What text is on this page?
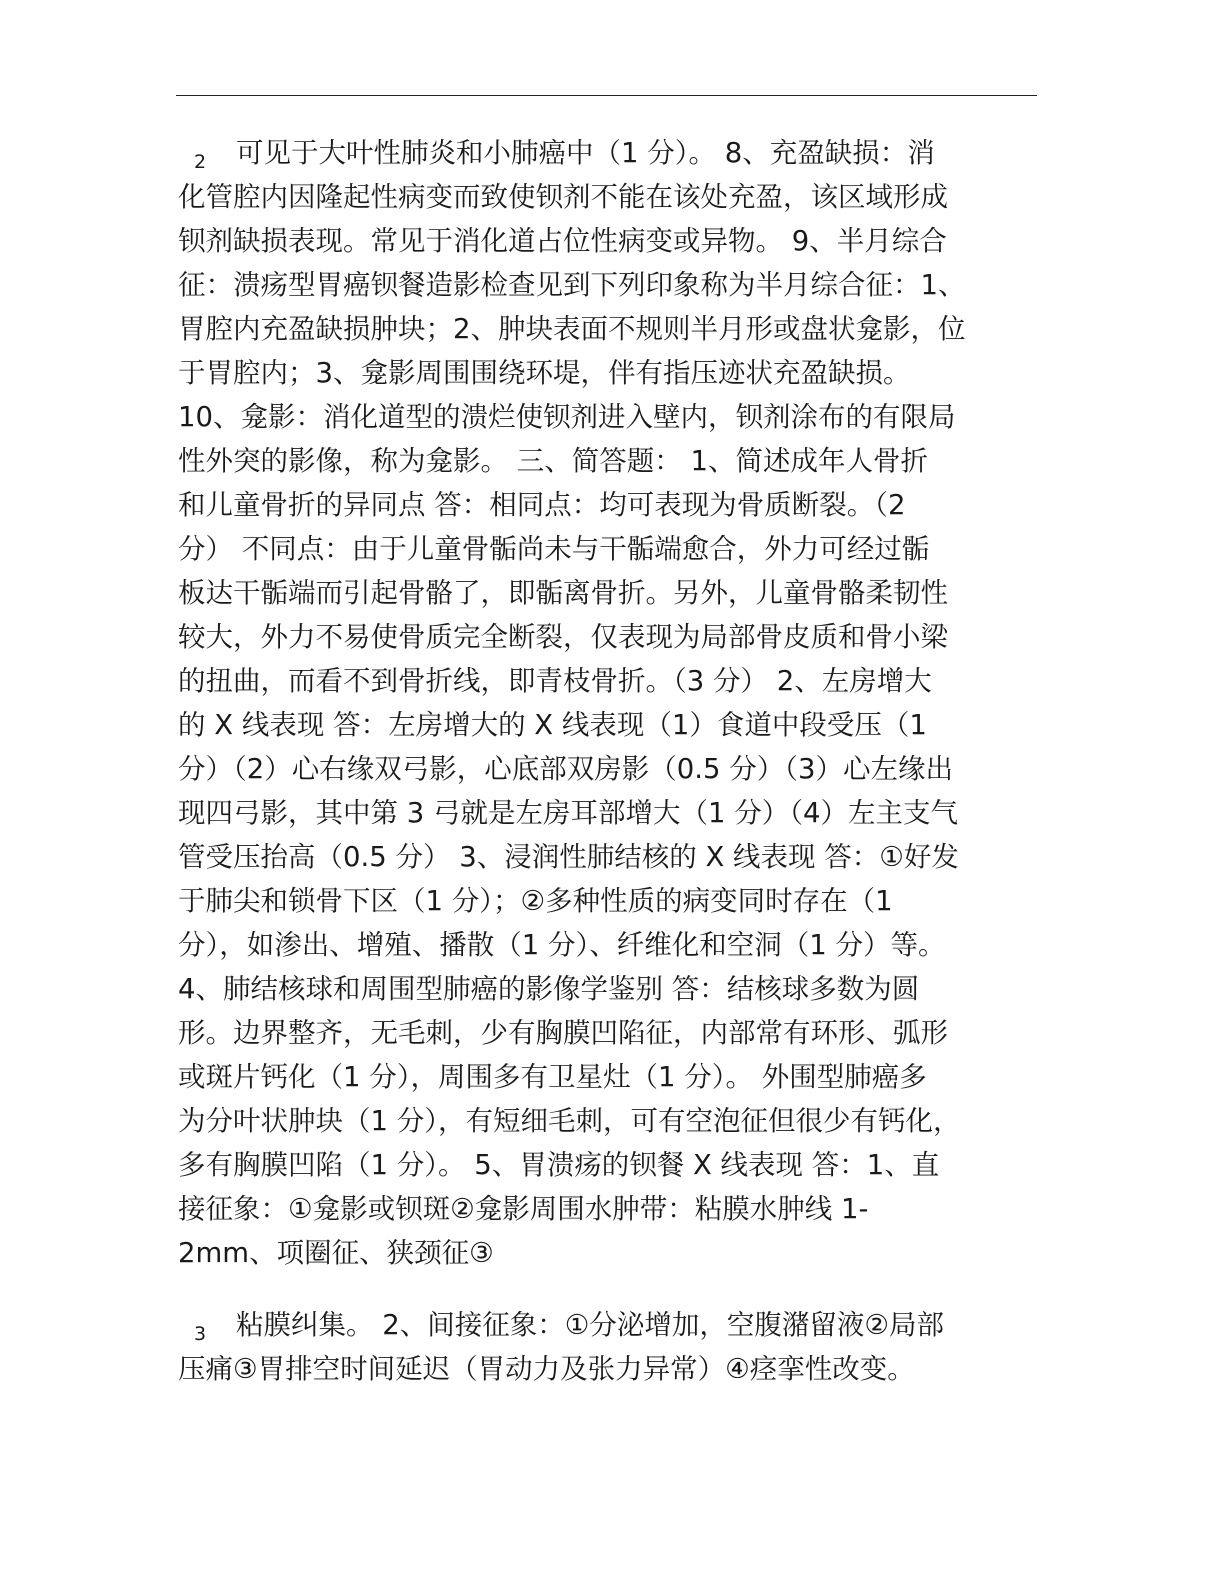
2 可见于大叶性肺炎和小肺癌中（1 分）。 8、充盈缺损：消
化管腔内因隆起性病变而致使钡剂不能在该处充盈，该区域形成
钡剂缺损表现。常见于消化道占位性病变或异物。 9、半月综合
征：溃疡型胃癌钡餐造影检查见到下列印象称为半月综合征：1、
胃腔内充盈缺损肿块；2、肿块表面不规则半月形或盘状龛影，位
于胃腔内；3、龛影周围围绕环堤，伴有指压迹状充盈缺损。
10、龛影：消化道型的溃烂使钡剂进入壁内，钡剂涂布的有限局
性外突的影像，称为龛影。 三、简答题： 1、简述成年人骨折
和儿童骨折的异同点 答：相同点：均可表现为骨质断裂。（2
分） 不同点：由于儿童骨骺尚未与干骺端愈合，外力可经过骺
板达干骺端而引起骨骼了，即骺离骨折。另外，儿童骨骼柔韧性
较大，外力不易使骨质完全断裂，仅表现为局部骨皮质和骨小梁
的扭曲，而看不到骨折线，即青枝骨折。（3 分） 2、左房增大
的 X 线表现 答：左房增大的 X 线表现（1）食道中段受压（1
分）（2）心右缘双弓影，心底部双房影（0.5 分）（3）心左缘出
现四弓影，其中第 3 弓就是左房耳部增大（1 分）（4）左主支气
管受压抬高（0.5 分） 3、浸润性肺结核的 X 线表现 答：①好发
于肺尖和锁骨下区（1 分）；②多种性质的病变同时存在（1
分），如渗出、增殖、播散（1 分）、纤维化和空洞（1 分）等。
4、肺结核球和周围型肺癌的影像学鉴别 答：结核球多数为圆
形。边界整齐，无毛刺，少有胸膜凹陷征，内部常有环形、弧形
或斑片钙化（1 分），周围多有卫星灶（1 分）。 外围型肺癌多
为分叶状肿块（1 分），有短细毛刺，可有空泡征但很少有钙化，
多有胸膜凹陷（1 分）。 5、胃溃疡的钡餐 X 线表现 答：1、直
接征象：①龛影或钡斑②龛影周围水肿带：粘膜水肿线 1-
2mm、项圈征、狭颈征③
3 粘膜纠集。 2、间接征象：①分泌增加，空腹潴留液②局部
压痛③胃排空时间延迟（胃动力及张力异常）④痉挛性改变。
